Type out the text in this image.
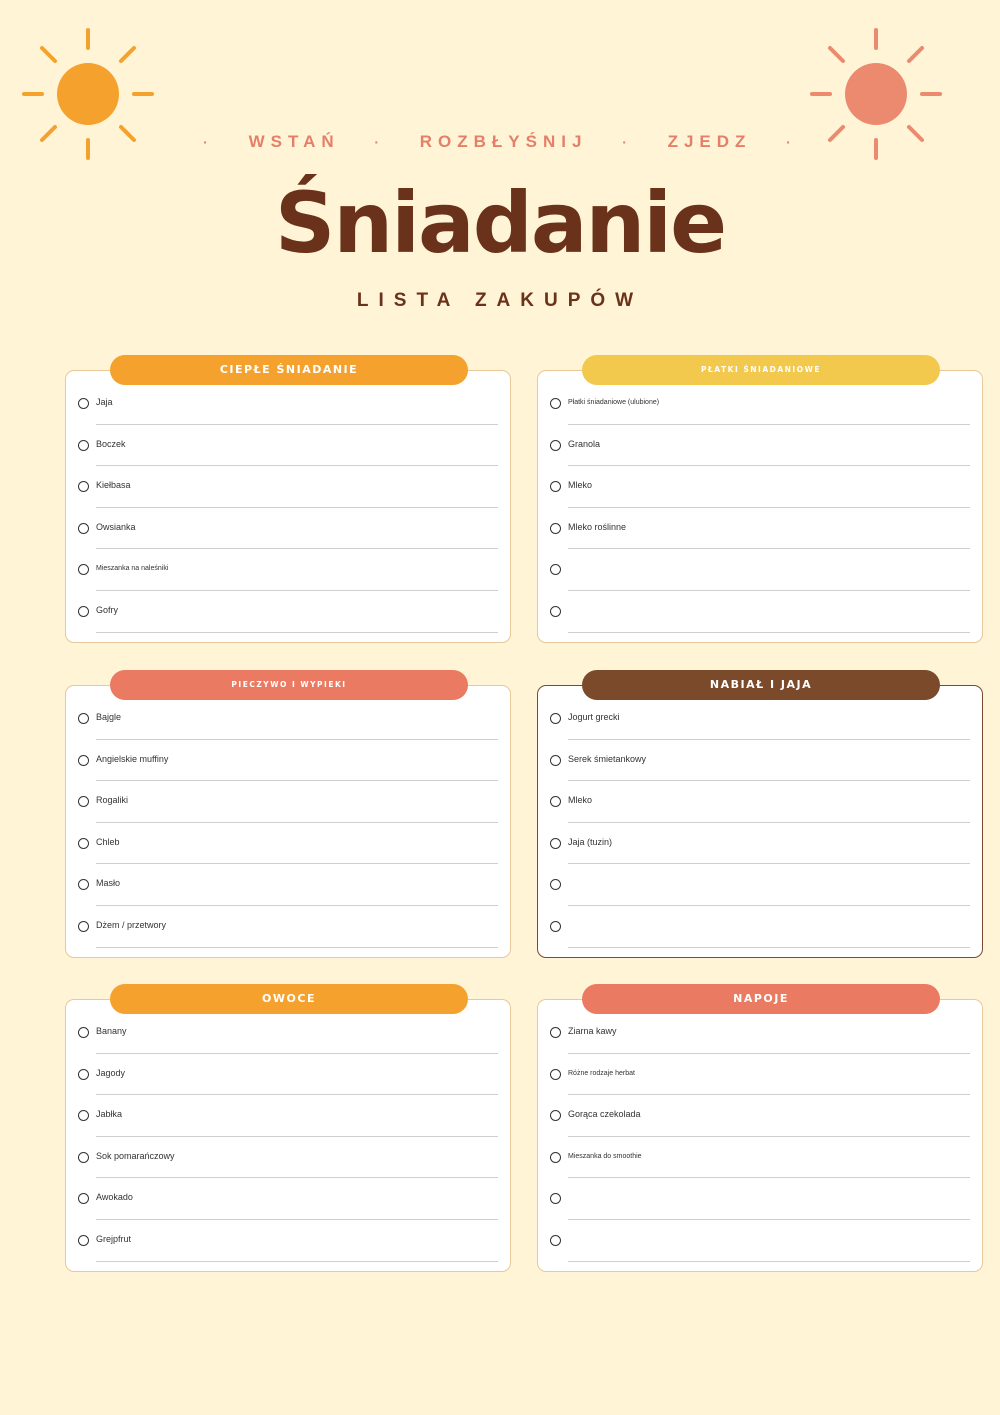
· WSTAŃ · ROZBŁYŚNIJ · ZJEDZ ·
Śniadanie
LISTA ZAKUPÓW
CIEPŁE ŚNIADANIE
Jaja
Boczek
Kiełbasa
Owsianka
Mieszanka na naleśniki
Gofry
PŁATKI ŚNIADANIOWE
Płatki śniadaniowe (ulubione)
Granola
Mleko
Mleko roślinne
PIECZYWO I WYPIEKI
Bajgle
Angielskie muffiny
Rogaliki
Chleb
Masło
Dżem / przetwory
NABIAŁ I JAJA
Jogurt grecki
Serek śmietankowy
Mleko
Jaja (tuzin)
OWOCE
Banany
Jagody
Jabłka
Sok pomarańczowy
Awokado
Grejpfrut
NAPOJE
Ziarna kawy
Różne rodzaje herbat
Gorąca czekolada
Mieszanka do smoothie
